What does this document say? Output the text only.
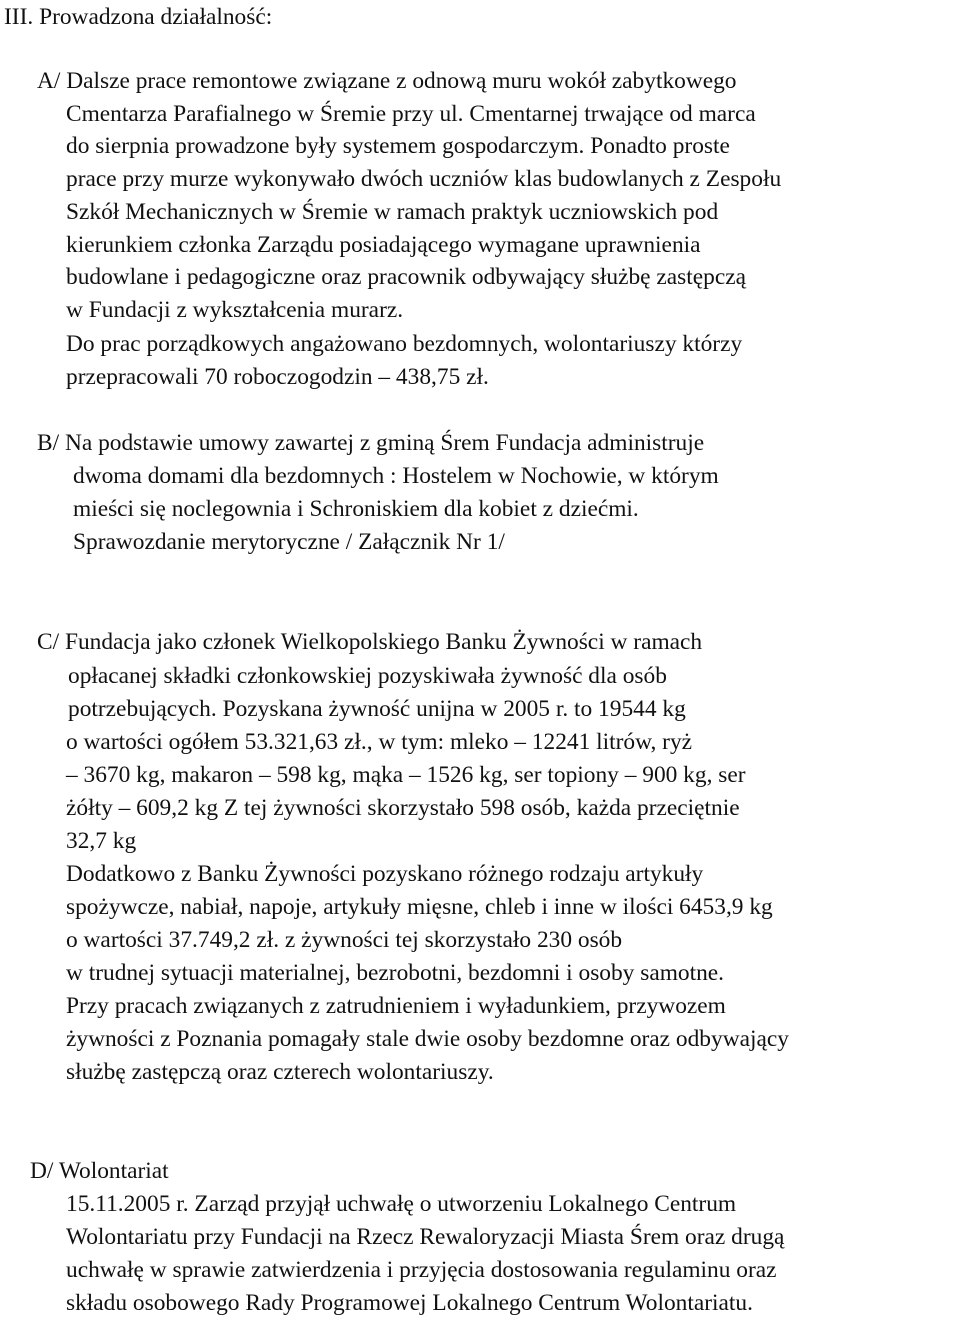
III. Prowadzona działalność:

A/ Dalsze prace remontowe związane z odnową muru wokół zabytkowego

Cmentarza Parafialnego w Śremie przy ul. Cmentarnej trwające od marca

do sierpnia prowadzone były systemem gospodarczym. Ponadto proste

prace przy murze wykonywało dwóch uczniów klas budowlanych z Zespołu

Szkół Mechanicznych w Śremie w ramach praktyk uczniowskich pod

kierunkiem członka Zarządu posiadającego wymagane uprawnienia

budowlane i pedagogiczne oraz pracownik odbywający służbę zastępczą

w Fundacji z wykształcenia murarz.

Do prac porządkowych angażowano bezdomnych, wolontariuszy którzy

przepracowali 70 roboczogodzin – 438,75 zł.

B/ Na podstawie umowy zawartej z gminą Śrem Fundacja administruje

dwoma domami dla bezdomnych : Hostelem w Nochowie, w którym

mieści się noclegownia i Schroniskiem dla kobiet z dziećmi.

Sprawozdanie merytoryczne / Załącznik Nr 1/

C/ Fundacja jako członek Wielkopolskiego Banku Żywności w ramach

opłacanej składki członkowskiej pozyskiwała żywność dla osób

potrzebujących. Pozyskana żywność unijna w 2005 r. to 19544 kg

o wartości ogółem 53.321,63 zł., w tym: mleko – 12241 litrów, ryż

– 3670 kg, makaron – 598 kg, mąka – 1526 kg, ser topiony – 900 kg, ser

żółty – 609,2 kg Z tej żywności skorzystało 598 osób, każda przeciętnie

32,7 kg

Dodatkowo z Banku Żywności pozyskano różnego rodzaju artykuły

spożywcze, nabiał, napoje, artykuły mięsne, chleb i inne w ilości 6453,9 kg

o wartości 37.749,2 zł. z żywności tej skorzystało 230 osób

w trudnej sytuacji materialnej, bezrobotni, bezdomni i osoby samotne.

Przy pracach związanych z zatrudnieniem i wyładunkiem, przywozem

żywności z Poznania pomagały stale dwie osoby bezdomne oraz odbywający

służbę zastępczą oraz czterech wolontariuszy.

D/ Wolontariat

15.11.2005 r. Zarząd przyjął uchwałę o utworzeniu Lokalnego Centrum

Wolontariatu przy Fundacji na Rzecz Rewaloryzacji Miasta Śrem oraz drugą

uchwałę w sprawie zatwierdzenia i przyjęcia dostosowania regulaminu oraz

składu osobowego Rady Programowej Lokalnego Centrum Wolontariatu.
